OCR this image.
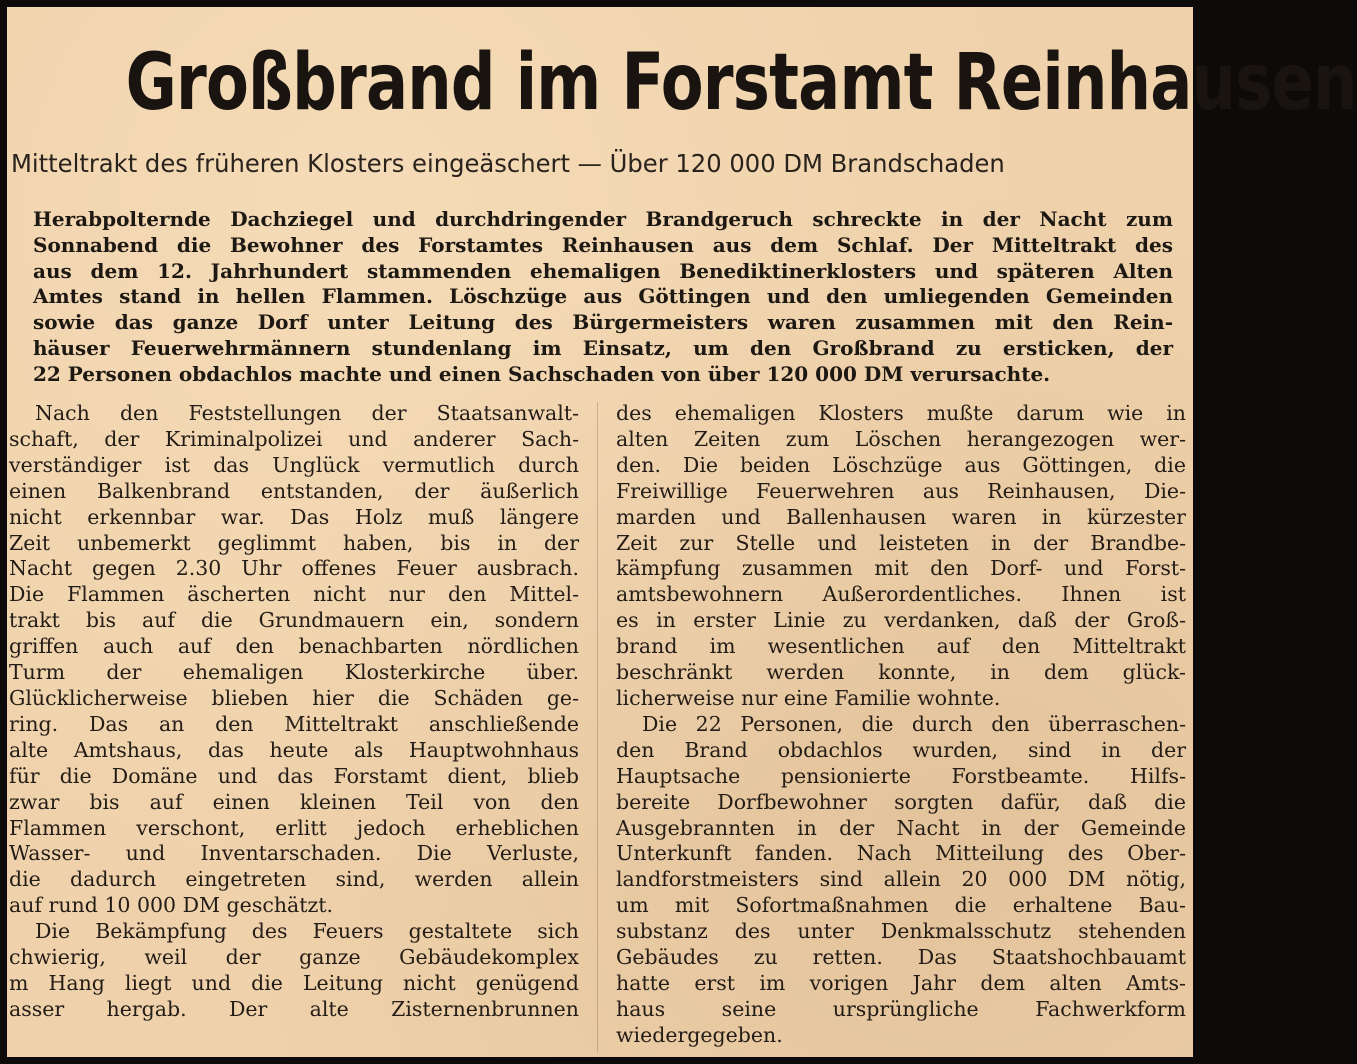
Großbrand im Forstamt Reinhausen
Mitteltrakt des früheren Klosters eingeäschert — Über 120 000 DM Brandschaden
Herabpolternde Dachziegel und durchdringender Brandgeruch schreckte in der Nacht zum
Sonnabend die Bewohner des Forstamtes Reinhausen aus dem Schlaf. Der Mitteltrakt des
aus dem 12. Jahrhundert stammenden ehemaligen Benediktinerklosters und späteren Alten
Amtes stand in hellen Flammen. Löschzüge aus Göttingen und den umliegenden Gemeinden
sowie das ganze Dorf unter Leitung des Bürgermeisters waren zusammen mit den Rein-
häuser Feuerwehrmännern stundenlang im Einsatz, um den Großbrand zu ersticken, der
22 Personen obdachlos machte und einen Sachschaden von über 120 000 DM verursachte.
Nach den Feststellungen der Staatsanwalt-
schaft, der Kriminalpolizei und anderer Sach-
verständiger ist das Unglück vermutlich durch
einen Balkenbrand entstanden, der äußerlich
nicht erkennbar war. Das Holz muß längere
Zeit unbemerkt geglimmt haben, bis in der
Nacht gegen 2.30 Uhr offenes Feuer ausbrach.
Die Flammen äscherten nicht nur den Mittel-
trakt bis auf die Grundmauern ein, sondern
griffen auch auf den benachbarten nördlichen
Turm der ehemaligen Klosterkirche über.
Glücklicherweise blieben hier die Schäden ge-
ring. Das an den Mitteltrakt anschließende
alte Amtshaus, das heute als Hauptwohnhaus
für die Domäne und das Forstamt dient, blieb
zwar bis auf einen kleinen Teil von den
Flammen verschont, erlitt jedoch erheblichen
Wasser- und Inventarschaden. Die Verluste,
die dadurch eingetreten sind, werden allein
auf rund 10 000 DM geschätzt.
Die Bekämpfung des Feuers gestaltete sich
chwierig, weil der ganze Gebäudekomplex
m Hang liegt und die Leitung nicht genügend
asser hergab. Der alte Zisternenbrunnen
des ehemaligen Klosters mußte darum wie in
alten Zeiten zum Löschen herangezogen wer-
den. Die beiden Löschzüge aus Göttingen, die
Freiwillige Feuerwehren aus Reinhausen, Die-
marden und Ballenhausen waren in kürzester
Zeit zur Stelle und leisteten in der Brandbe-
kämpfung zusammen mit den Dorf- und Forst-
amtsbewohnern Außerordentliches. Ihnen ist
es in erster Linie zu verdanken, daß der Groß-
brand im wesentlichen auf den Mitteltrakt
beschränkt werden konnte, in dem glück-
licherweise nur eine Familie wohnte.
Die 22 Personen, die durch den überraschen-
den Brand obdachlos wurden, sind in der
Hauptsache pensionierte Forstbeamte. Hilfs-
bereite Dorfbewohner sorgten dafür, daß die
Ausgebrannten in der Nacht in der Gemeinde
Unterkunft fanden. Nach Mitteilung des Ober-
landforstmeisters sind allein 20 000 DM nötig,
um mit Sofortmaßnahmen die erhaltene Bau-
substanz des unter Denkmalsschutz stehenden
Gebäudes zu retten. Das Staatshochbauamt
hatte erst im vorigen Jahr dem alten Amts-
haus seine ursprüngliche Fachwerkform
wiedergegeben.
